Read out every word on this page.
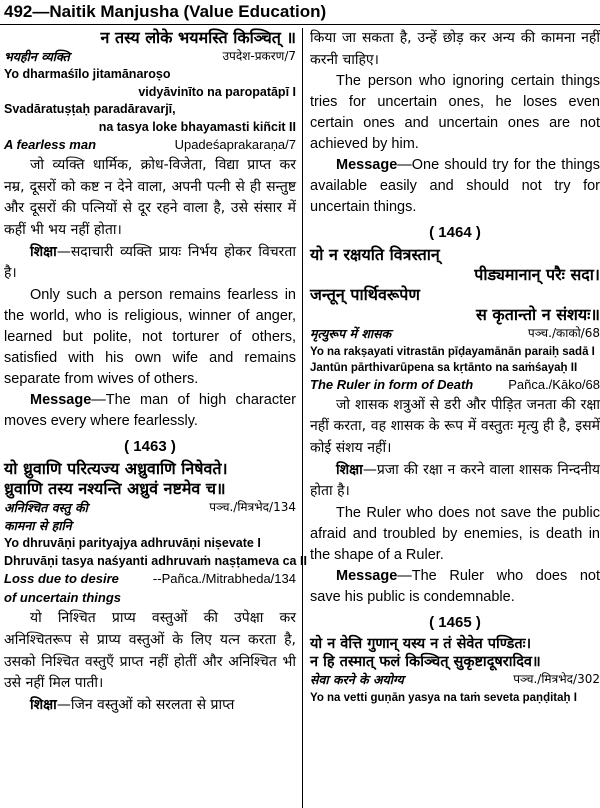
492—Naitik Manjusha (Value Education)
न तस्य लोके भयमस्ति किञ्चित् ॥
भयहीन व्यक्ति	उपदेश-प्रकरण/7
Yo dharmaśīlo jitamānaroṣo
vidyāvinīto na paropatāpī I
Svadāratuṣṭaḥ paradāravarjī,
na tasya loke bhayamasti kiñcit II
A fearless man	Upadeśaprakaraṇa/7
जो व्यक्ति धार्मिक, क्रोध-विजेता, विद्या प्राप्त कर नम्र, दूसरों को कष्ट न देने वाला, अपनी पत्नी से ही सन्तुष्ट और दूसरों की पत्नियों से दूर रहने वाला है, उसे संसार में कहीं भी भय नहीं होता।
शिक्षा—सदाचारी व्यक्ति प्रायः निर्भय होकर विचरता है।
Only such a person remains fearless in the world, who is religious, winner of anger, learned but polite, not torturer of others, satisfied with his own wife and remains separate from wives of others.
Message—The man of high character moves every where fearlessly.
( 1463 )
यो ध्रुवाणि परित्यज्य अध्रुवाणि निषेवते।
ध्रुवाणि तस्य नश्यन्ति अध्रुवं नष्टमेव च॥
अनिश्चित वस्तु की	पञ्च./मित्रभेद/134
कामना से हानि
Yo dhruvāṇi parityajya adhruvāṇi niṣevate I
Dhruvāṇi tasya naśyanti adhruvaṁ naṣṭameva ca II
Loss due to desire	--Pañca./Mitrabheda/134
of uncertain things
यो निश्चित प्राप्य वस्तुओं की उपेक्षा कर अनिश्चितरूप से प्राप्य वस्तुओं के लिए यत्न करता है, उसको निश्चित वस्तुएँ प्राप्त नहीं होतीं और अनिश्चित भी उसे नहीं मिल पाती।
शिक्षा—जिन वस्तुओं को सरलता से प्राप्त
किया जा सकता है, उन्हें छोड़ कर अन्य की कामना नहीं करनी चाहिए।
The person who ignoring certain things tries for uncertain ones, he loses even certain ones and uncertain ones are not achieved by him.
Message—One should try for the things available easily and should not try for uncertain things.
( 1464 )
यो न रक्षयति वित्रस्तान्
पीड्यमानान् परैः सदा।
जन्तून् पार्थिवरूपेण
स कृतान्तो न संशयः॥
मृत्युरूप में शासक	पञ्च./काको/68
Yo na rakṣayati vitrastān pīḍayamānān paraiḥ sadā I
Jantūn pārthivarūpena sa kṛtānto na saṁśayaḥ II
The Ruler in form of Death	Pañca./Kāko/68
जो शासक शत्रुओं से डरी और पीड़ित जनता की रक्षा नहीं करता, वह शासक के रूप में वस्तुतः मृत्यु ही है, इसमें कोई संशय नहीं।
शिक्षा—प्रजा की रक्षा न करने वाला शासक निन्दनीय होता है।
The Ruler who does not save the public afraid and troubled by enemies, is death in the shape of a Ruler.
Message—The Ruler who does not save his public is condemnable.
( 1465 )
यो न वेत्ति गुणान् यस्य न तं सेवेत पण्डितः।
न हि तस्मात् फलं किञ्चित् सुकृष्टादूषरादिव॥
सेवा करने के अयोग्य	पञ्च./मित्रभेद/302
Yo na vetti guṇān yasya na taṁ seveta paṇḍitaḥ I
